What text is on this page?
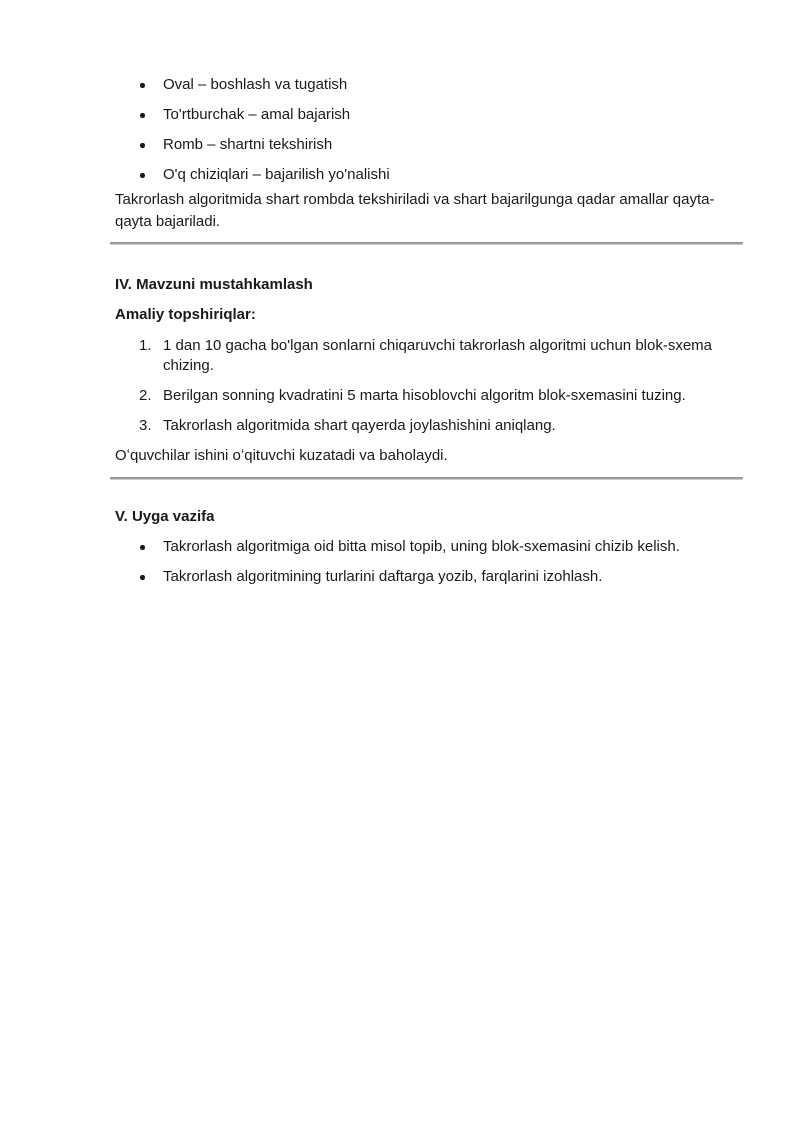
Oval – boshlash va tugatish
To'rtburchak – amal bajarish
Romb – shartni tekshirish
O'q chiziqlari – bajarilish yo'nalishi

Takrorlash algoritmida shart rombda tekshiriladi va shart bajarilgunga qadar amallar qayta-qayta bajariladi.

IV. Mavzuni mustahkamlash

Amaliy topshiriqlar:

1. 1 dan 10 gacha bo'lgan sonlarni chiqaruvchi takrorlash algoritmi uchun blok-sxema chizing.
2. Berilgan sonning kvadratini 5 marta hisoblovchi algoritm blok-sxemasini tuzing.
3. Takrorlash algoritmida shart qayerda joylashishini aniqlang.

Oʻquvchilar ishini oʻqituvchi kuzatadi va baholaydi.

V. Uyga vazifa

Takrorlash algoritmiga oid bitta misol topib, uning blok-sxemasini chizib kelish.
Takrorlash algoritmining turlarini daftarga yozib, farqlarini izohlash.
